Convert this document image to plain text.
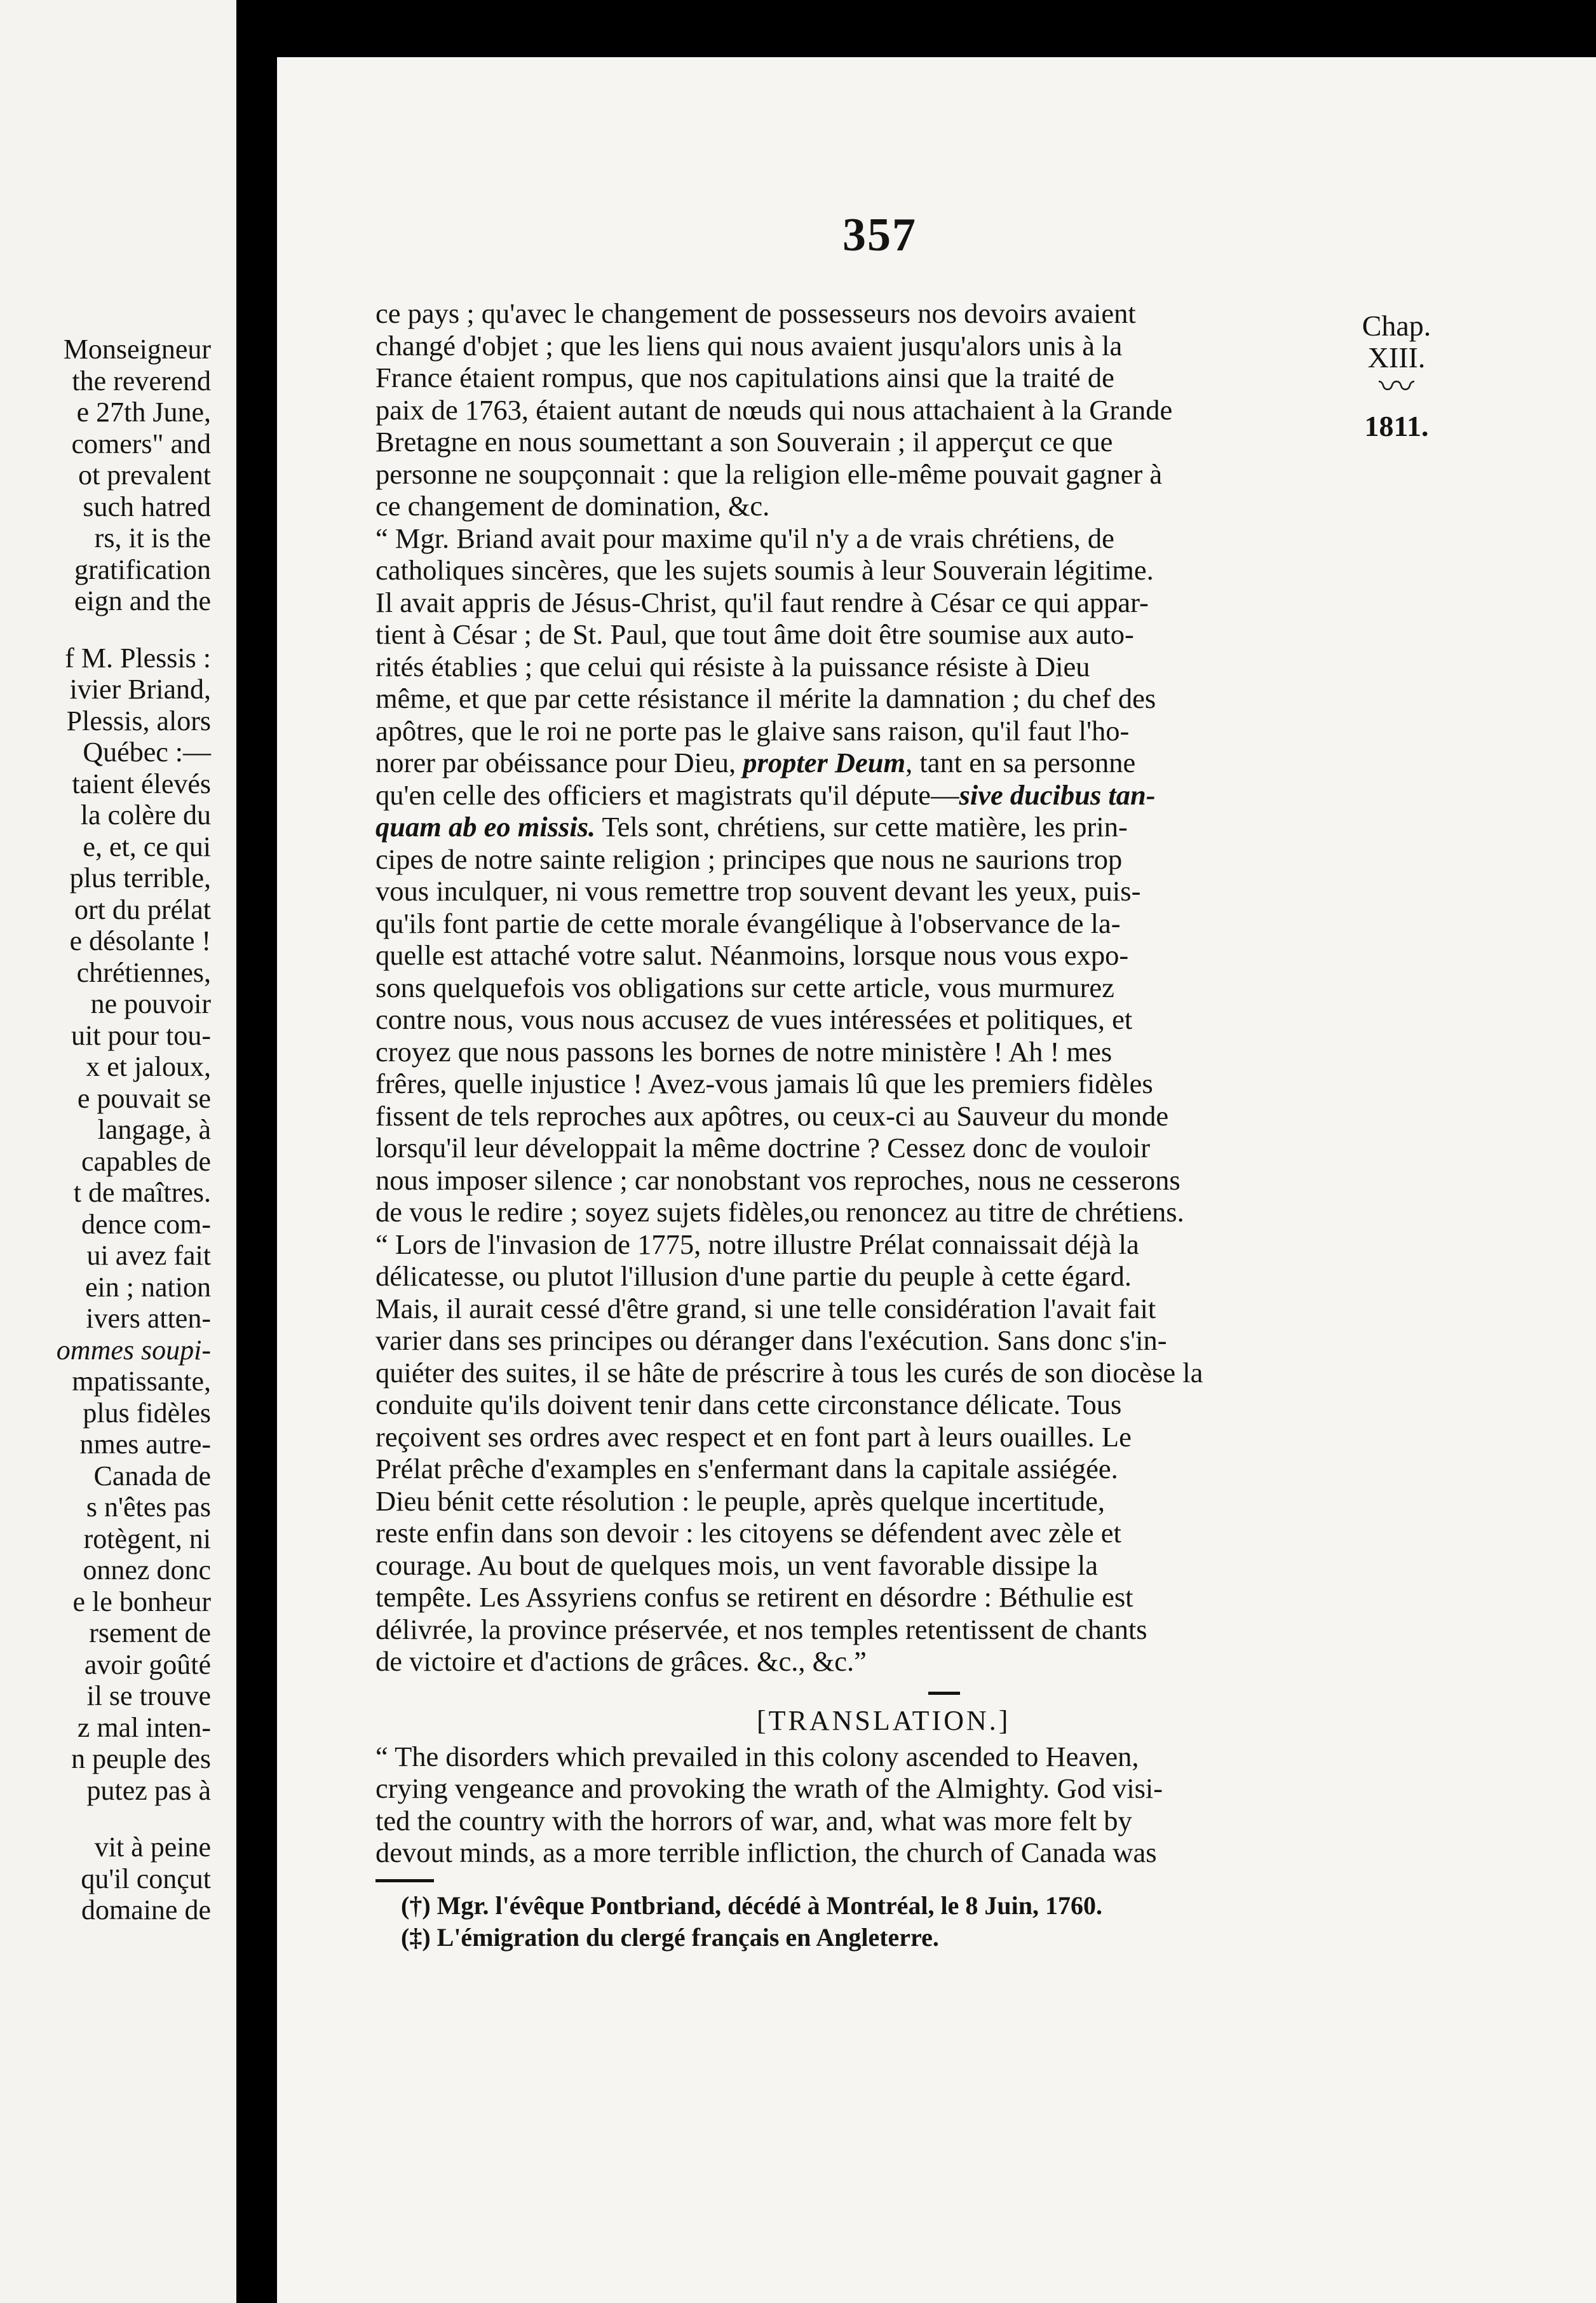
Monseigneur
the reverend
e 27th June,
comers" and
ot prevalent
such hatred
rs, it is the
gratification
eign and the
f M. Plessis :
ivier Briand,
Plessis, alors
Québec :—
taient élevés
la colère du
e, et, ce qui
plus terrible,
ort du prélat
e désolante !
chrétiennes,
ne pouvoir
uit pour tou-
x et jaloux,
e pouvait se
langage, à
capables de
t de maîtres.
dence com-
ui avez fait
ein ; nation
ivers atten-
ommes soupi-
mpatissante,
plus fidèles
nmes autre-
Canada de
s n'êtes pas
rotègent, ni
onnez donc
e le bonheur
rsement de
avoir goûté
il se trouve
z mal inten-
n peuple des
putez pas à
vit à peine
qu'il conçut
domaine de
357
Chap.
XIII.
〰
1811.
ce pays ; qu'avec le changement de possesseurs nos devoirs avaient
changé d'objet ; que les liens qui nous avaient jusqu'alors unis à la
France étaient rompus, que nos capitulations ainsi que la traité de
paix de 1763, étaient autant de nœuds qui nous attachaient à la Grande
Bretagne en nous soumettant a son Souverain ; il apperçut ce que
personne ne soupçonnait : que la religion elle-même pouvait gagner à
ce changement de domination, &c.
“ Mgr. Briand avait pour maxime qu'il n'y a de vrais chrétiens, de
catholiques sincères, que les sujets soumis à leur Souverain légitime.
Il avait appris de Jésus-Christ, qu'il faut rendre à César ce qui appar-
tient à César ; de St. Paul, que tout âme doit être soumise aux auto-
rités établies ; que celui qui résiste à la puissance résiste à Dieu
même, et que par cette résistance il mérite la damnation ; du chef des
apôtres, que le roi ne porte pas le glaive sans raison, qu'il faut l'ho-
norer par obéissance pour Dieu, propter Deum, tant en sa personne
qu'en celle des officiers et magistrats qu'il députe—sive ducibus tan-
quam ab eo missis. Tels sont, chrétiens, sur cette matière, les prin-
cipes de notre sainte religion ; principes que nous ne saurions trop
vous inculquer, ni vous remettre trop souvent devant les yeux, puis-
qu'ils font partie de cette morale évangélique à l'observance de la-
quelle est attaché votre salut. Néanmoins, lorsque nous vous expo-
sons quelquefois vos obligations sur cette article, vous murmurez
contre nous, vous nous accusez de vues intéressées et politiques, et
croyez que nous passons les bornes de notre ministère ! Ah ! mes
frêres, quelle injustice ! Avez-vous jamais lû que les premiers fidèles
fissent de tels reproches aux apôtres, ou ceux-ci au Sauveur du monde
lorsqu'il leur développait la même doctrine ? Cessez donc de vouloir
nous imposer silence ; car nonobstant vos reproches, nous ne cesserons
de vous le redire ; soyez sujets fidèles,ou renoncez au titre de chrétiens.
“ Lors de l'invasion de 1775, notre illustre Prélat connaissait déjà la
délicatesse, ou plutot l'illusion d'une partie du peuple à cette égard.
Mais, il aurait cessé d'être grand, si une telle considération l'avait fait
varier dans ses principes ou déranger dans l'exécution. Sans donc s'in-
quiéter des suites, il se hâte de préscrire à tous les curés de son diocèse la
conduite qu'ils doivent tenir dans cette circonstance délicate. Tous
reçoivent ses ordres avec respect et en font part à leurs ouailles. Le
Prélat prêche d'examples en s'enfermant dans la capitale assiégée.
Dieu bénit cette résolution : le peuple, après quelque incertitude,
reste enfin dans son devoir : les citoyens se défendent avec zèle et
courage. Au bout de quelques mois, un vent favorable dissipe la
tempête. Les Assyriens confus se retirent en désordre : Béthulie est
délivrée, la province préservée, et nos temples retentissent de chants
de victoire et d'actions de grâces. &c., &c.”
[TRANSLATION.]
“ The disorders which prevailed in this colony ascended to Heaven,
crying vengeance and provoking the wrath of the Almighty. God visi-
ted the country with the horrors of war, and, what was more felt by
devout minds, as a more terrible infliction, the church of Canada was
(†) Mgr. l'évêque Pontbriand, décédé à Montréal, le 8 Juin, 1760.
(‡) L'émigration du clergé français en Angleterre.
